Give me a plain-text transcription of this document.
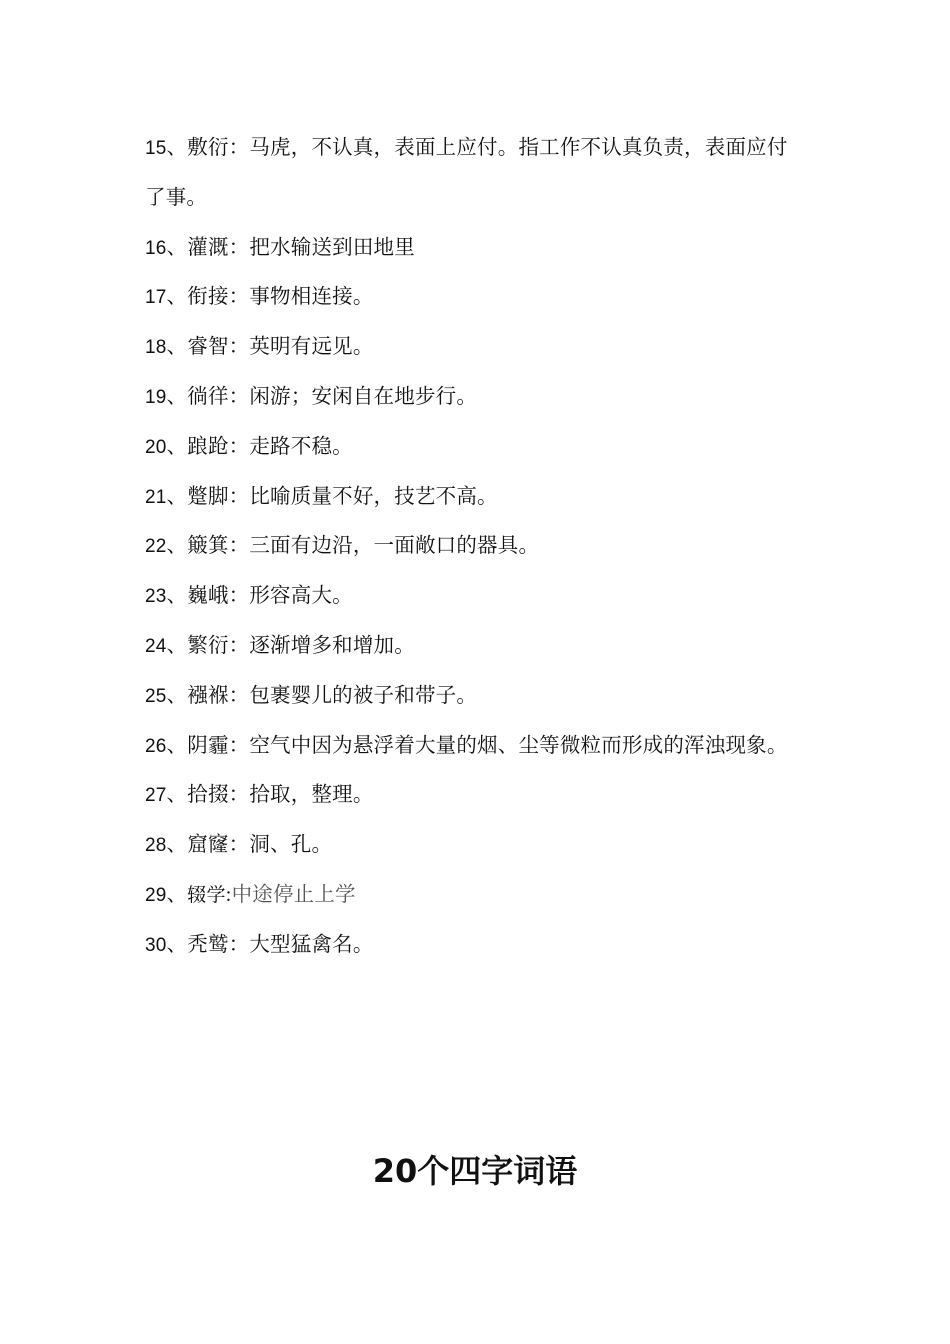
15、敷衍：马虎，不认真，表面上应付。指工作不认真负责，表面应付了事。

16、灌溉：把水输送到田地里

17、衔接：事物相连接。

18、睿智：英明有远见。

19、徜徉：闲游；安闲自在地步行。

20、踉跄：走路不稳。

21、蹩脚：比喻质量不好，技艺不高。

22、簸箕：三面有边沿，一面敞口的器具。

23、巍峨：形容高大。

24、繁衍：逐渐增多和增加。

25、襁褓：包裹婴儿的被子和带子。

26、阴霾：空气中因为悬浮着大量的烟、尘等微粒而形成的浑浊现象。

27、拾掇：拾取，整理。

28、窟窿：洞、孔。

29、辍学:中途停止上学

30、秃鹫：大型猛禽名。

20个四字词语
